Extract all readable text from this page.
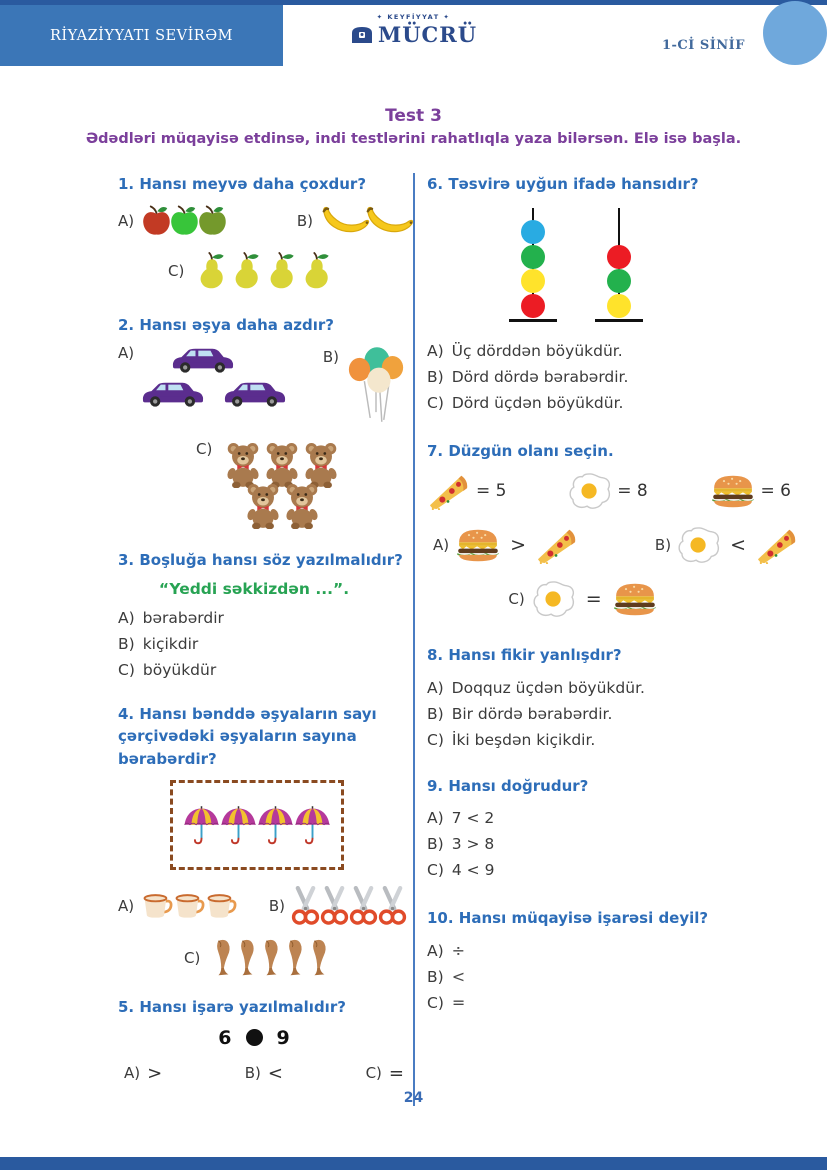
RİYAZİYYATI SEVİRƏM
✦ KEYFİYYAT ✦
MÜCRÜ	1-Cİ SİNİF
Test 3

Ədədləri müqayisə etdinsə, indi testlərini rahatlıqla yaza bilərsən. Elə isə başla.

1. Hansı meyvə daha çoxdur?
A)	B)
C)
2. Hansı əşya daha azdır?
A)	B)
C)
3. Boşluğa hansı söz yazılmalıdır?

“Yeddi səkkizdən ...”.

A) bərabərdir
B) kiçikdir
C) böyükdür
4. Hansı bənddə əşyaların sayı çərçivədəki əşyaların sayına bərabərdir?
A)	B)
C)
5. Hansı işarə yazılmalıdır?
6 9
A) >	B) <	C) =
6. Təsvirə uyğun ifadə hansıdır?
A) Üç dörddən böyükdür.
B) Dörd dördə bərabərdir.
C) Dörd üçdən böyükdür.
7. Düzgün olanı seçin.
= 5	= 8	= 6
A)	>	B)	<
C)	=
8. Hansı fikir yanlışdır?
A) Doqquz üçdən böyükdür.
B) Bir dördə bərabərdir.
C) İki beşdən kiçikdir.
9. Hansı doğrudur?
A) 7 < 2
B) 3 > 8
C) 4 < 9
10. Hansı müqayisə işarəsi deyil?
A) ÷
B) <
C) =
24
